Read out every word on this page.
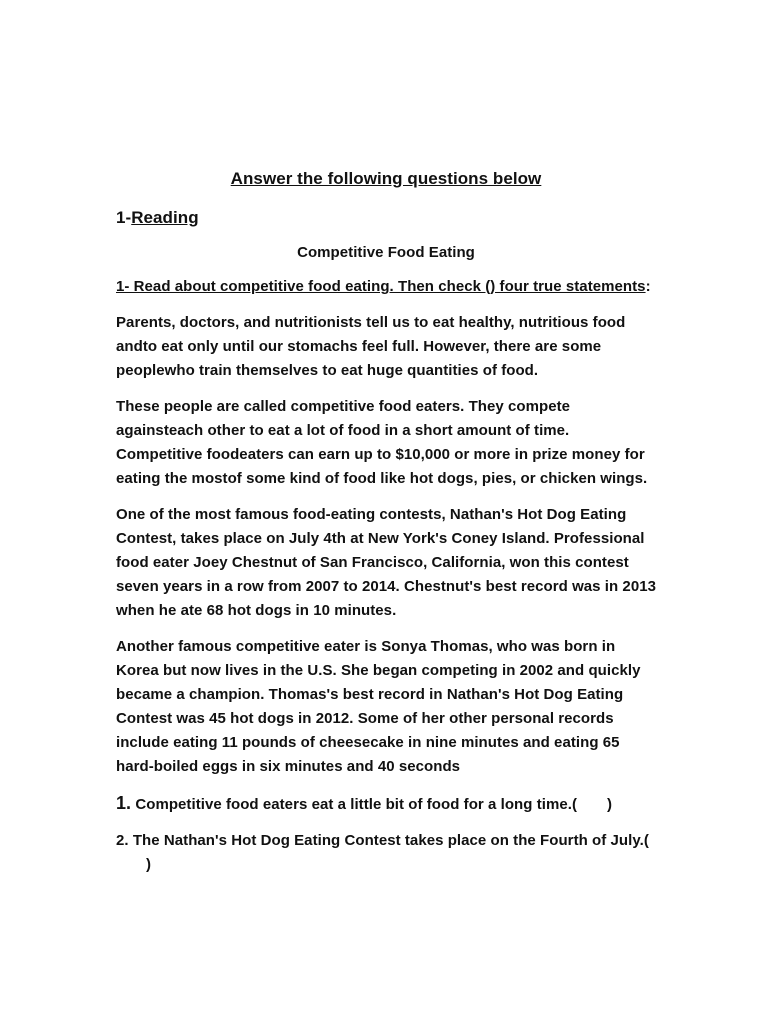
Answer the following questions below
1-Reading
Competitive Food Eating
1- Read about competitive food eating. Then check () four true statements:

Parents, doctors, and nutritionists tell us to eat healthy, nutritious food andto eat only until our stomachs feel full. However, there are some peoplewho train themselves to eat huge quantities of food.

These people are called competitive food eaters. They compete againsteach other to eat a lot of food in a short amount of time. Competitive foodeaters can earn up to $10,000 or more in prize money for eating the mostof some kind of food like hot dogs, pies, or chicken wings.

One of the most famous food-eating contests, Nathan's Hot Dog Eating Contest, takes place on July 4th at New York's Coney Island. Professional food eater Joey Chestnut of San Francisco, California, won this contest seven years in a row from 2007 to 2014. Chestnut's best record was in 2013 when he ate 68 hot dogs in 10 minutes.

Another famous competitive eater is Sonya Thomas, who was born in Korea but now lives in the U.S. She began competing in 2002 and quickly became a champion. Thomas's best record in Nathan's Hot Dog Eating Contest was 45 hot dogs in 2012. Some of her other personal records include eating 11 pounds of cheesecake in nine minutes and eating 65 hard-boiled eggs in six minutes and 40 seconds

1. Competitive food eaters eat a little bit of food for a long time.( )
2. The Nathan's Hot Dog Eating Contest takes place on the Fourth of July.()
